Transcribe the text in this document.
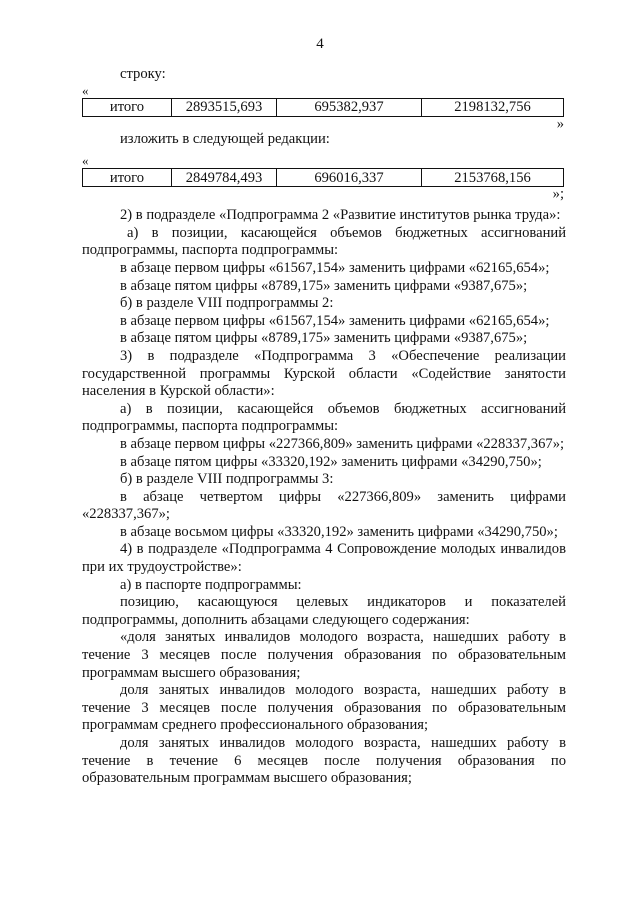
4

строку:

«
итого	2893515,693	695382,937	2198132,756
»

изложить в следующей редакции:

«
итого	2849784,493	696016,337	2153768,156
»;

2) в подразделе «Подпрограмма 2 «Развитие институтов рынка труда»:

а) в позиции, касающейся объемов бюджетных ассигнований подпрограммы, паспорта подпрограммы:

в абзаце первом цифры «61567,154» заменить цифрами «62165,654»;

в абзаце пятом цифры «8789,175» заменить цифрами «9387,675»;

б) в разделе VIII подпрограммы 2:

в абзаце первом цифры «61567,154» заменить цифрами «62165,654»;

в абзаце пятом цифры «8789,175» заменить цифрами «9387,675»;

3) в подразделе «Подпрограмма 3 «Обеспечение реализации государственной программы Курской области «Содействие занятости населения в Курской области»:

а) в позиции, касающейся объемов бюджетных ассигнований подпрограммы, паспорта подпрограммы:

в абзаце первом цифры «227366,809» заменить цифрами «228337,367»;

в абзаце пятом цифры «33320,192» заменить цифрами «34290,750»;

б) в разделе VIII подпрограммы 3:

в абзаце четвертом цифры «227366,809» заменить цифрами «228337,367»;

в абзаце восьмом цифры «33320,192» заменить цифрами «34290,750»;

4) в подразделе «Подпрограмма 4 Сопровождение молодых инвалидов при их трудоустройстве»:

а) в паспорте подпрограммы:

позицию, касающуюся целевых индикаторов и показателей подпрограммы, дополнить абзацами следующего содержания:

«доля занятых инвалидов молодого возраста, нашедших работу в течение 3 месяцев после получения образования по образовательным программам высшего образования;

доля занятых инвалидов молодого возраста, нашедших работу в течение 3 месяцев после получения образования по образовательным программам среднего профессионального образования;

доля занятых инвалидов молодого возраста, нашедших работу в течение в течение 6 месяцев после получения образования по образовательным программам высшего образования;
